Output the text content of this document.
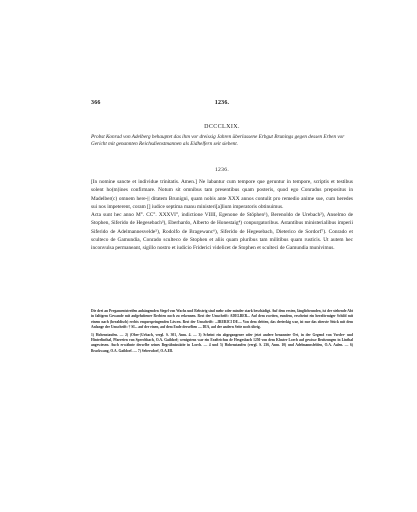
366	1236.
DCCCLXIX.
Probst Konrad von Adelberg behauptet das ihm vor dreissig Jahren überlassene Erbgut Brunings gegen dessen Erben vor Gericht mit genannten Reichsdienstmannen als Eidhelfern seit siebent.
1236.

[In nomine sancte et individue trinitatis. Amen.] Ne labantur cum tempore que geruntur in tempore, scriptis et testibus solent ho(m)ines confirmare. Notum sit omnibus tam presentibus quam posteris, quod ego Conradus prepositus in Madelber(c) omnem here-|| ditatem Brunigni, quam nobis ante XXX annos contulit pro remedio anime sue, cum heredes sui nos impeterent, coram [] iudice septima manu ministeri[a]lium imperatoris obtinuimus.

Acta sunt hec anno M°. CC°. XXXVI°, indictione VIIII, Egenone de Stöphen¹), Berenoldo de Urebach²), Anselmo de Stophen, Siferido de Hegesebach³), Eberhardo, Alberto de Honestaig⁴) conpurgatoribus. Astantibus ministerialibus imperii Siferido de Adelmannesvelde⁵), Rodolfo de Bragewanc⁶), Siferido de Hegesebach, Dieterico de Sordorf⁷). Conrado et sculteco de Gamundia, Conrado sculteco de Stophen et aliis quam pluribus tam militibus quam rusticis. Ut autem hec inconvulsa permaneant, sigillo nostro et iudicio Friderici videlicet de Stophen et sculteci de Gamundia munivimus.

Die drei an Pergamentstreifen anhängenden Siegel von Wachs und Rebstrig sind mehr oder minder stark beschädigt. Auf dem ersten, länglichrunden, ist der stehende Abt in faltigem Gewande mit aufgehobener Rechten noch zu erkennen. Rest der Umschrift: ADELBER... Auf dem zweiten, rundem, erscheint ein herzförmiger Schild mit einem nach (heraldisch) rechts emporspringenden Löwen. Rest der Umschrift: ...IRERICI DE.... Von dem dritten, das dreieckig war, ist nur das oberste Stück mit dem Anfange der Umschrift: † SI... auf der einen, auf dem Ende derselben .... DIA, auf der andern Seite noch übrig.

1) Hohenstaufen. — 2) (Ober-)Urbach, vergl. S. 301, Anm. 4. — 3) Scheint ein abgegangener oder jetzt andere benannter Ort, in der Gegend von Vorder- und Hinterlinthal, Pfarreien von Sprechbach, O.A. Gaildorf; wenigstens war ein Eraftrichus de Hesgesbach 1250 von dem Kloster Lorch auf gewisse Besitzungen in Linthal angewiesen. Auch erwähnte derselbe seines Begräbnisstätte in Lorch. — 4 und 5) Hohenstaufen (vergl. S. 236, Anm. 10) und Adelmannsfelden, O.A. Aalen. — 6) Brackwang, O.A. Gaildorf. — 7) Sebersdorf, O.A.Ell.
